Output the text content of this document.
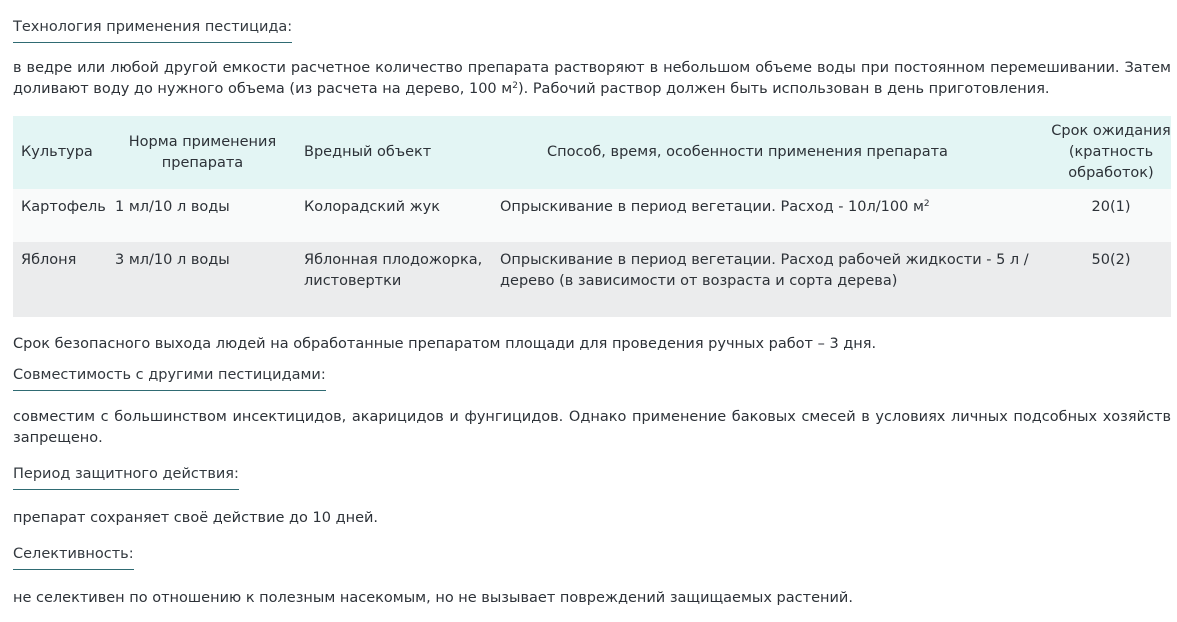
Технология применения пестицида:

в ведре или любой другой емкости расчетное количество препарата растворяют в небольшом объеме воды при постоянном перемешивании. Затем доливают воду до нужного объема (из расчета на дерево, 100 $м^2$). Рабочий раствор должен быть использован в день приготовления.

Культура	Норма применения препарата	Вредный объект	Способ, время, особенности применения препарата	Срок ожидания (кратность обработок)
Картофель	1 мл/10 л воды	Колорадский жук	Опрыскивание в период вегетации. Расход - 10л/100 $м^2$	20(1)
Яблоня	3 мл/10 л воды	Яблонная плодожорка, листовертки	Опрыскивание в период вегетации. Расход рабочей жидкости - 5 л /дерево (в зависимости от возраста и сорта дерева)	50(2)

Срок безопасного выхода людей на обработанные препаратом площади для проведения ручных работ – 3 дня.

Совместимость с другими пестицидами:

совместим с большинством инсектицидов, акарицидов и фунгицидов. Однако применение баковых смесей в условиях личных подсобных хозяйств запрещено.

Период защитного действия:

препарат сохраняет своё действие до 10 дней.

Селективность:

не селективен по отношению к полезным насекомым, но не вызывает повреждений защищаемых растений.
